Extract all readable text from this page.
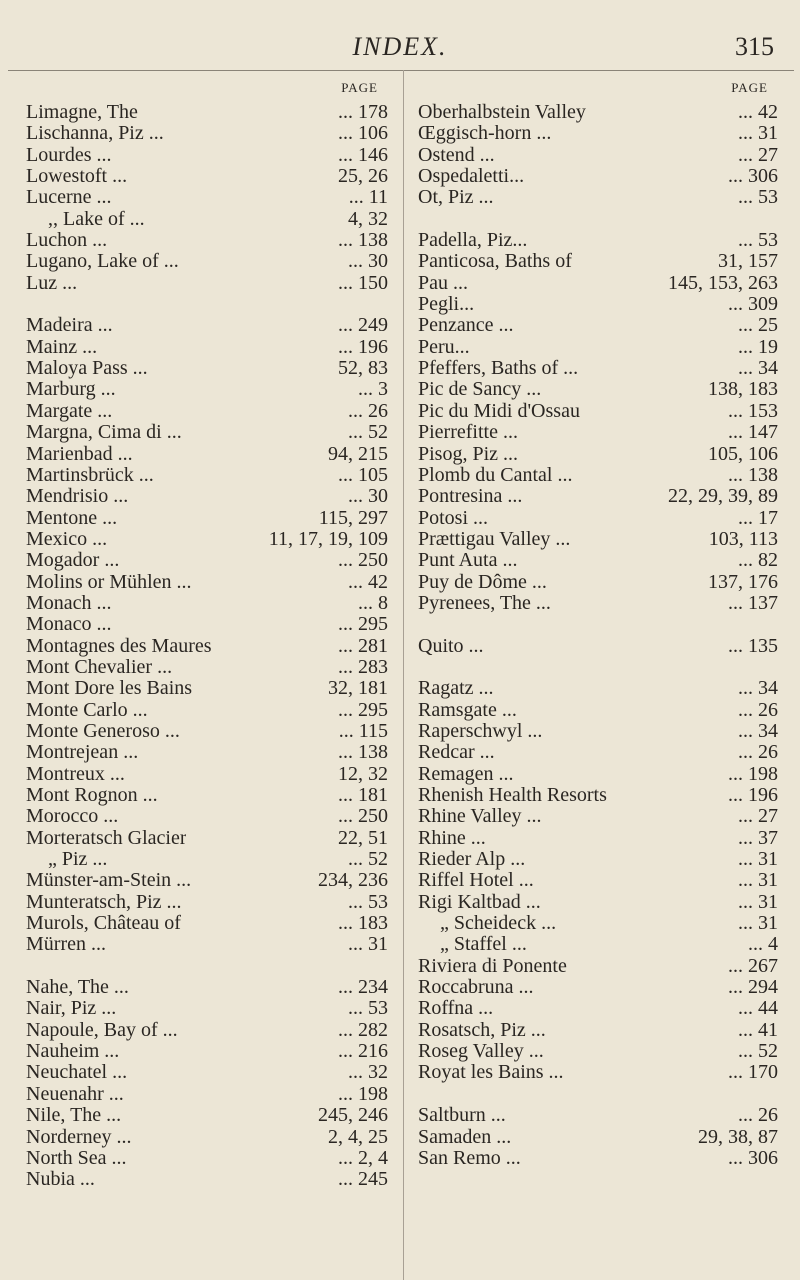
INDEX.	315
PAGE
Limagne, The	... 178
Lischanna, Piz ...	... 106
Lourdes ...	... 146
Lowestoft ...	25, 26
Lucerne ...	... 11
,, Lake of ...	4, 32
Luchon ...	... 138
Lugano, Lake of ...	... 30
Luz ...	... 150
Madeira ...	... 249
Mainz ...	... 196
Maloya Pass ...	52, 83
Marburg ...	... 3
Margate ...	... 26
Margna, Cima di ...	... 52
Marienbad ...	94, 215
Martinsbrück ...	... 105
Mendrisio ...	... 30
Mentone ...	115, 297
Mexico ...	11, 17, 19, 109
Mogador ...	... 250
Molins or Mühlen ...	... 42
Monach ...	... 8
Monaco ...	... 295
Montagnes des Maures	... 281
Mont Chevalier ...	... 283
Mont Dore les Bains	32, 181
Monte Carlo ...	... 295
Monte Generoso ...	... 115
Montrejean ...	... 138
Montreux ...	12, 32
Mont Rognon ...	... 181
Morocco ...	... 250
Morteratsch Glacier	22, 51
„ Piz ...	... 52
Münster-am-Stein ...	234, 236
Munteratsch, Piz ...	... 53
Murols, Château of	... 183
Mürren ...	... 31
Nahe, The ...	... 234
Nair, Piz ...	... 53
Napoule, Bay of ...	... 282
Nauheim ...	... 216
Neuchatel ...	... 32
Neuenahr ...	... 198
Nile, The ...	245, 246
Norderney ...	2, 4, 25
North Sea ...	... 2, 4
Nubia ...	... 245
PAGE
Oberhalbstein Valley	... 42
Œggisch-horn ...	... 31
Ostend ...	... 27
Ospedaletti...	... 306
Ot, Piz ...	... 53
Padella, Piz...	... 53
Panticosa, Baths of	31, 157
Pau ...	145, 153, 263
Pegli...	... 309
Penzance ...	... 25
Peru...	... 19
Pfeffers, Baths of ...	... 34
Pic de Sancy ...	138, 183
Pic du Midi d'Ossau	... 153
Pierrefitte ...	... 147
Pisog, Piz ...	105, 106
Plomb du Cantal ...	... 138
Pontresina ...	22, 29, 39, 89
Potosi ...	... 17
Prættigau Valley ...	103, 113
Punt Auta ...	... 82
Puy de Dôme ...	137, 176
Pyrenees, The ...	... 137
Quito ...	... 135
Ragatz ...	... 34
Ramsgate ...	... 26
Raperschwyl ...	... 34
Redcar ...	... 26
Remagen ...	... 198
Rhenish Health Resorts	... 196
Rhine Valley ...	... 27
Rhine ...	... 37
Rieder Alp ...	... 31
Riffel Hotel ...	... 31
Rigi Kaltbad ...	... 31
„ Scheideck ...	... 31
„ Staffel ...	... 4
Riviera di Ponente	... 267
Roccabruna ...	... 294
Roffna ...	... 44
Rosatsch, Piz ...	... 41
Roseg Valley ...	... 52
Royat les Bains ...	... 170
Saltburn ...	... 26
Samaden ...	29, 38, 87
San Remo ...	... 306
